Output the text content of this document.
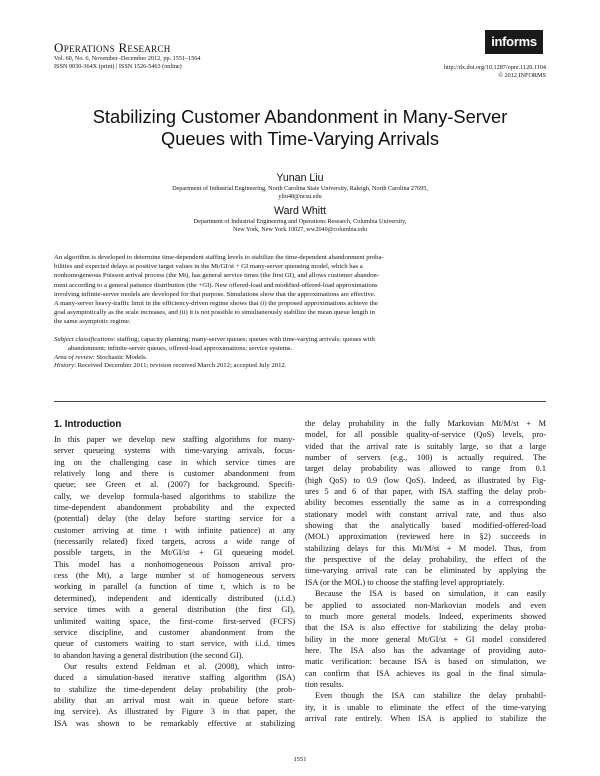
Operations Research
Vol. 60, No. 6, November–December 2012, pp. 1551–1564
ISSN 0030-364X (print) | ISSN 1526-5463 (online)
informs
http://dx.doi.org/10.1287/opre.1120.1104
© 2012 INFORMS
Stabilizing Customer Abandonment in Many-Server
Queues with Time-Varying Arrivals
Yunan Liu
Department of Industrial Engineering, North Carolina State University, Raleigh, North Carolina 27695,
yliu48@ncsu.edu
Ward Whitt
Department of Industrial Engineering and Operations Research, Columbia University,
New York, New York 10027, ww2040@columbia.edu
An algorithm is developed to determine time-dependent staffing levels to stabilize the time-dependent abandonment proba-
bilities and expected delays at positive target values in the Mt/GI/st + GI many-server queueing model, which has a
nonhomogeneous Poisson arrival process (the Mt), has general service times (the first GI), and allows customer abandon-
ment according to a general patience distribution (the +GI). New offered-load and modified-offered-load approximations
involving infinite-server models are developed for that purpose. Simulations show that the approximations are effective.
A many-server heavy-traffic limit in the efficiency-driven regime shows that (i) the proposed approximations achieve the
goal asymptotically as the scale increases, and (ii) it is not possible to simultaneously stabilize the mean queue length in
the same asymptotic regime.
Subject classifications: staffing; capacity planning; many-server queues; queues with time-varying arrivals; queues with
abandonment; infinite-server queues, offered-load approximations; service systems.
Area of review: Stochastic Models.
History: Received December 2011; revision received March 2012; accepted July 2012.
1. Introduction
In this paper we develop new staffing algorithms for many-
server queueing systems with time-varying arrivals, focus-
ing on the challenging case in which service times are
relatively long and there is customer abandonment from
queue; see Green et al. (2007) for background. Specifi-
cally, we develop formula-based algorithms to stabilize the
time-dependent abandonment probability and the expected
(potential) delay (the delay before starting service for a
customer arriving at time t with infinite patience) at any
(necessarily related) fixed targets, across a wide range of
possible targets, in the Mt/GI/st + GI queueing model.
This model has a nonhomogeneous Poisson arrival pro-
cess (the Mt), a large number st of homogeneous servers
working in parallel (a function of time t, which is to be
determined), independent and identically distributed (i.i.d.)
service times with a general distribution (the first GI),
unlimited waiting space, the first-come first-served (FCFS)
service discipline, and customer abandonment from the
queue of customers waiting to start service, with i.i.d. times
to abandon having a general distribution (the second GI).
Our results extend Feldman et al. (2008), which intro-
duced a simulation-based iterative staffing algorithm (ISA)
to stabilize the time-dependent delay probability (the prob-
ability that an arrival must wait in queue before start-
ing service). As illustrated by Figure 3 in that paper, the
ISA was shown to be remarkably effective at stabilizing
the delay probability in the fully Markovian Mt/M/st + M
model, for all possible quality-of-service (QoS) levels, pro-
vided that the arrival rate is suitably large, so that a large
number of servers (e.g., 100) is actually required. The
target delay probability was allowed to range from 0.1
(high QoS) to 0.9 (low QoS). Indeed, as illustrated by Fig-
ures 5 and 6 of that paper, with ISA staffing the delay prob-
ability becomes essentially the same as in a corresponding
stationary model with constant arrival rate, and thus also
showing that the analytically based modified-offered-load
(MOL) approximation (reviewed here in §2) succeeds in
stabilizing delays for this Mt/M/st + M model. Thus, from
the perspective of the delay probability, the effect of the
time-varying arrival rate can be eliminated by applying the
ISA (or the MOL) to choose the staffing level appropriately.
Because the ISA is based on simulation, it can easily
be applied to associated non-Markovian models and even
to much more general models. Indeed, experiments showed
that the ISA is also effective for stabilizing the delay proba-
bility in the more general Mt/GI/st + GI model considered
here. The ISA also has the advantage of providing auto-
matic verification: because ISA is based on simulation, we
can confirm that ISA achieves its goal in the final simula-
tion results.
Even though the ISA can stabilize the delay probabil-
ity, it is unable to eliminate the effect of the time-varying
arrival rate entirely. When ISA is applied to stabilize the
1551
